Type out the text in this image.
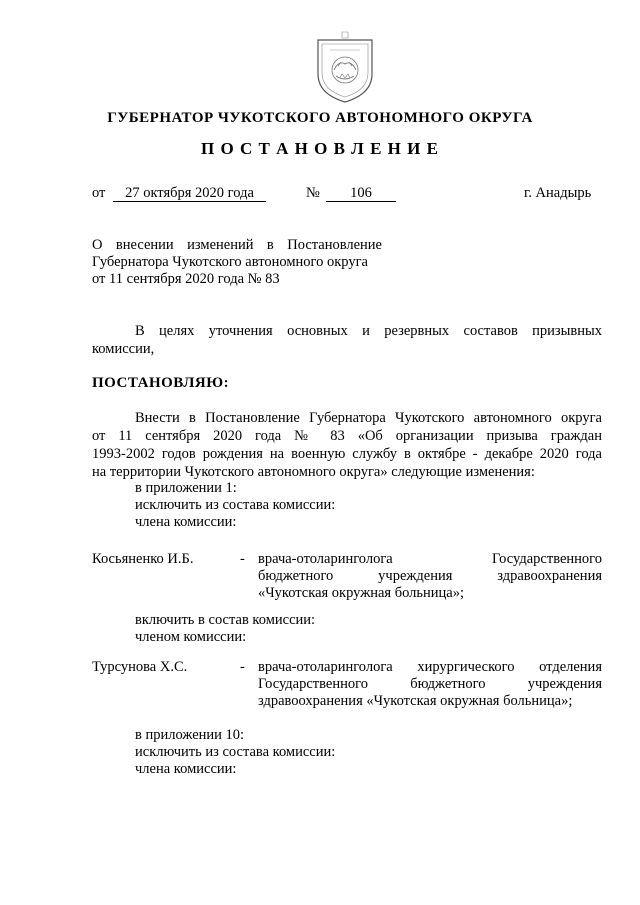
ГУБЕРНАТОР ЧУКОТСКОГО АВТОНОМНОГО ОКРУГА
П О С Т А Н О В Л Е Н И Е
от	27 октября 2020 года	№	106	г. Анадырь
О внесении изменений в Постановление
Губернатора Чукотского автономного округа
от 11 сентября 2020 года № 83
В целях уточнения основных и резервных составов призывных
комиссии,
ПОСТАНОВЛЯЮ:
Внести в Постановление Губернатора Чукотского автономного округа
от 11 сентября 2020 года № 83 «Об организации призыва граждан
1993-2002 годов рождения на военную службу в октябре - декабре 2020 года
на территории Чукотского автономного округа» следующие изменения:
в приложении 1:
исключить из состава комиссии:
члена комиссии:
Косьяненко И.Б.	- врача-отоларинголога Государственного
бюджетного учреждения здравоохранения
«Чукотская окружная больница»;
включить в состав комиссии:
членом комиссии:
Турсунова Х.С.	- врача-отоларинголога хирургического отделения
Государственного бюджетного учреждения
здравоохранения «Чукотская окружная больница»;
в приложении 10:
исключить из состава комиссии:
члена комиссии:
